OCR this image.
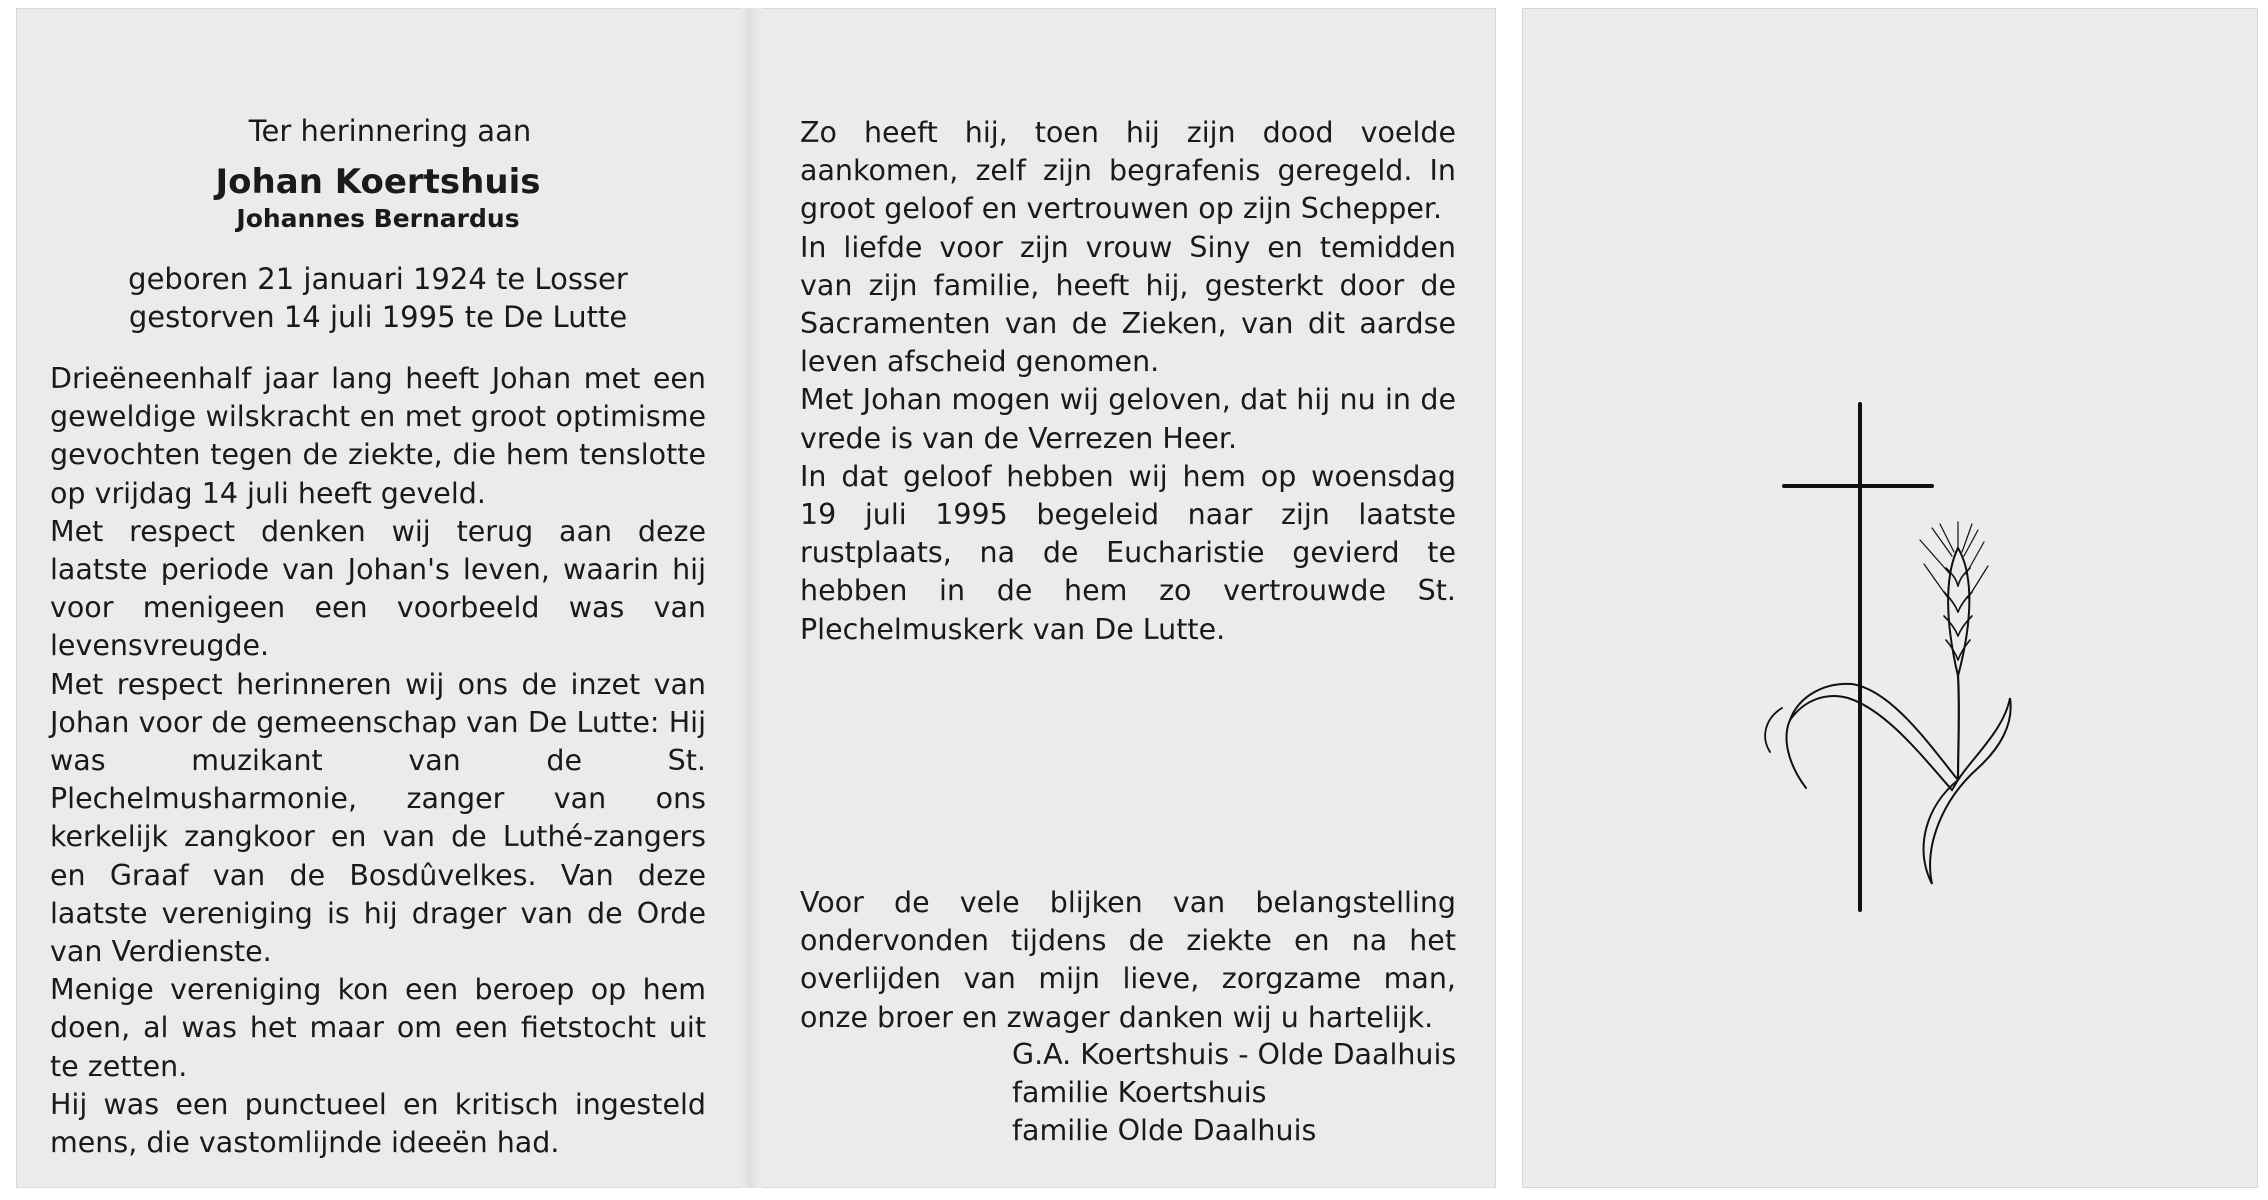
Ter herinnering aan
Johan Koertshuis
Johannes Bernardus
geboren 21 januari 1924 te Losser
gestorven 14 juli 1995 te De Lutte

Drieëneenhalf jaar lang heeft Johan met een geweldige wilskracht en met groot optimisme gevochten tegen de ziekte, die hem tenslotte op vrijdag 14 juli heeft geveld.

Met respect denken wij terug aan deze laatste periode van Johan's leven, waarin hij voor menigeen een voorbeeld was van levensvreugde.

Met respect herinneren wij ons de inzet van Johan voor de gemeenschap van De Lutte: Hij was muzikant van de St. Plechelmusharmonie, zanger van ons kerkelijk zangkoor en van de Luthé-zangers en Graaf van de Bosdûvelkes. Van deze laatste vereniging is hij drager van de Orde van Verdienste.

Menige vereniging kon een beroep op hem doen, al was het maar om een fietstocht uit te zetten.

Hij was een punctueel en kritisch ingesteld mens, die vastomlijnde ideeën had.

Zo heeft hij, toen hij zijn dood voelde aankomen, zelf zijn begrafenis geregeld. In groot geloof en vertrouwen op zijn Schepper.

In liefde voor zijn vrouw Siny en temidden van zijn familie, heeft hij, gesterkt door de Sacramenten van de Zieken, van dit aardse leven afscheid genomen.

Met Johan mogen wij geloven, dat hij nu in de vrede is van de Verrezen Heer.

In dat geloof hebben wij hem op woensdag 19 juli 1995 begeleid naar zijn laatste rustplaats, na de Eucharistie gevierd te hebben in de hem zo vertrouwde St. Plechelmuskerk van De Lutte.

Voor de vele blijken van belangstelling ondervonden tijdens de ziekte en na het overlijden van mijn lieve, zorgzame man, onze broer en zwager danken wij u hartelijk.

G.A. Koertshuis - Olde Daalhuis
familie Koertshuis
familie Olde Daalhuis
